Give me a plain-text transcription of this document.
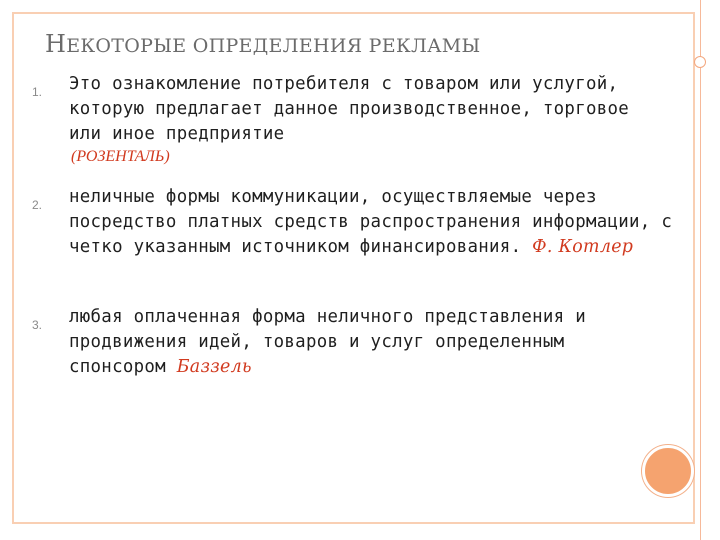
НЕКОТОРЫЕ ОПРЕДЕЛЕНИЯ РЕКЛАМЫ
1. Это ознакомление потребителя с товаром или услугой, которую предлагает данное производственное, торговое или иное предприятие
(РОЗЕНТАЛЬ)
2. неличные формы коммуникации, осуществляемые через посредство платных средств распространения информации, с четко указанным источником финансирования. Ф. Котлер
3. любая оплаченная форма неличного представления и продвижения идей, товаров и услуг определенным спонсором Баззель
